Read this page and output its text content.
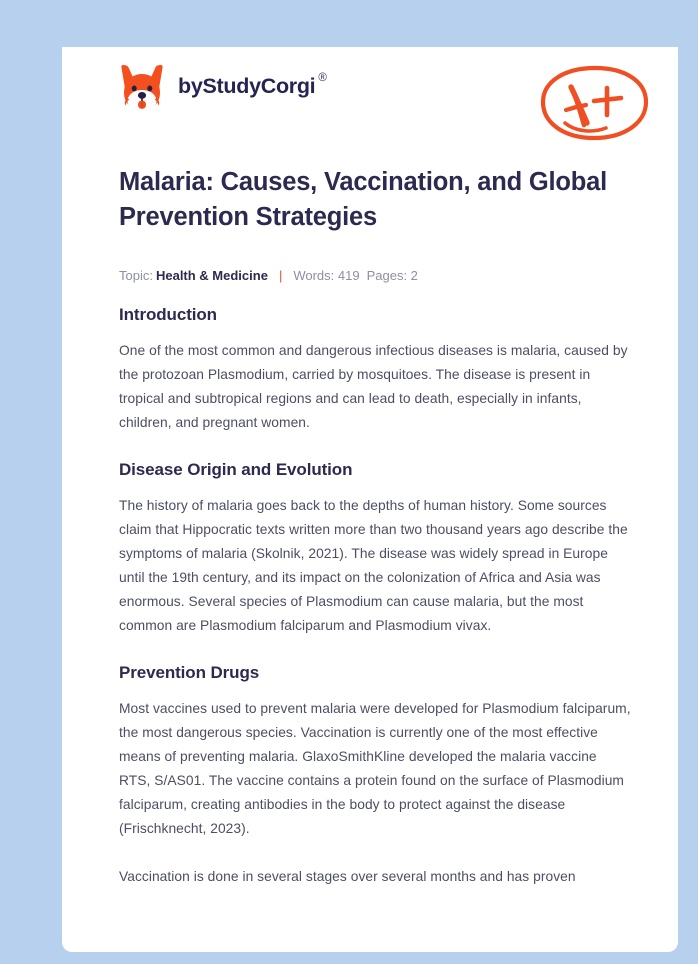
by StudyCorgi ®
Malaria: Causes, Vaccination, and Global Prevention Strategies
Topic: Health & Medicine | Words: 419 Pages: 2
Introduction

One of the most common and dangerous infectious diseases is malaria, caused by the protozoan Plasmodium, carried by mosquitoes. The disease is present in tropical and subtropical regions and can lead to death, especially in infants, children, and pregnant women.

Disease Origin and Evolution

The history of malaria goes back to the depths of human history. Some sources claim that Hippocratic texts written more than two thousand years ago describe the symptoms of malaria (Skolnik, 2021). The disease was widely spread in Europe until the 19th century, and its impact on the colonization of Africa and Asia was enormous. Several species of Plasmodium can cause malaria, but the most common are Plasmodium falciparum and Plasmodium vivax.

Prevention Drugs

Most vaccines used to prevent malaria were developed for Plasmodium falciparum, the most dangerous species. Vaccination is currently one of the most effective means of preventing malaria. GlaxoSmithKline developed the malaria vaccine RTS, S/AS01. The vaccine contains a protein found on the surface of Plasmodium falciparum, creating antibodies in the body to protect against the disease (Frischknecht, 2023).

Vaccination is done in several stages over several months and has proven
